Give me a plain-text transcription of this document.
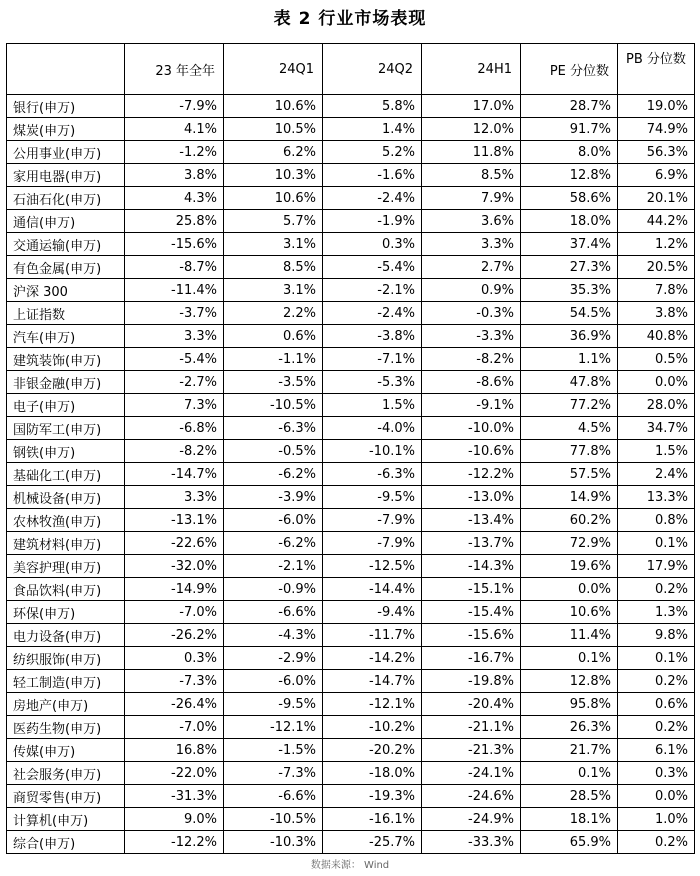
表 2 行业市场表现
	23 年全年	24Q1	24Q2	24H1	PE 分位数	PB 分位数
银行(申万)	-7.9%	10.6%	5.8%	17.0%	28.7%	19.0%
煤炭(申万)	4.1%	10.5%	1.4%	12.0%	91.7%	74.9%
公用事业(申万)	-1.2%	6.2%	5.2%	11.8%	8.0%	56.3%
家用电器(申万)	3.8%	10.3%	-1.6%	8.5%	12.8%	6.9%
石油石化(申万)	4.3%	10.6%	-2.4%	7.9%	58.6%	20.1%
通信(申万)	25.8%	5.7%	-1.9%	3.6%	18.0%	44.2%
交通运输(申万)	-15.6%	3.1%	0.3%	3.3%	37.4%	1.2%
有色金属(申万)	-8.7%	8.5%	-5.4%	2.7%	27.3%	20.5%
沪深 300	-11.4%	3.1%	-2.1%	0.9%	35.3%	7.8%
上证指数	-3.7%	2.2%	-2.4%	-0.3%	54.5%	3.8%
汽车(申万)	3.3%	0.6%	-3.8%	-3.3%	36.9%	40.8%
建筑装饰(申万)	-5.4%	-1.1%	-7.1%	-8.2%	1.1%	0.5%
非银金融(申万)	-2.7%	-3.5%	-5.3%	-8.6%	47.8%	0.0%
电子(申万)	7.3%	-10.5%	1.5%	-9.1%	77.2%	28.0%
国防军工(申万)	-6.8%	-6.3%	-4.0%	-10.0%	4.5%	34.7%
钢铁(申万)	-8.2%	-0.5%	-10.1%	-10.6%	77.8%	1.5%
基础化工(申万)	-14.7%	-6.2%	-6.3%	-12.2%	57.5%	2.4%
机械设备(申万)	3.3%	-3.9%	-9.5%	-13.0%	14.9%	13.3%
农林牧渔(申万)	-13.1%	-6.0%	-7.9%	-13.4%	60.2%	0.8%
建筑材料(申万)	-22.6%	-6.2%	-7.9%	-13.7%	72.9%	0.1%
美容护理(申万)	-32.0%	-2.1%	-12.5%	-14.3%	19.6%	17.9%
食品饮料(申万)	-14.9%	-0.9%	-14.4%	-15.1%	0.0%	0.2%
环保(申万)	-7.0%	-6.6%	-9.4%	-15.4%	10.6%	1.3%
电力设备(申万)	-26.2%	-4.3%	-11.7%	-15.6%	11.4%	9.8%
纺织服饰(申万)	0.3%	-2.9%	-14.2%	-16.7%	0.1%	0.1%
轻工制造(申万)	-7.3%	-6.0%	-14.7%	-19.8%	12.8%	0.2%
房地产(申万)	-26.4%	-9.5%	-12.1%	-20.4%	95.8%	0.6%
医药生物(申万)	-7.0%	-12.1%	-10.2%	-21.1%	26.3%	0.2%
传媒(申万)	16.8%	-1.5%	-20.2%	-21.3%	21.7%	6.1%
社会服务(申万)	-22.0%	-7.3%	-18.0%	-24.1%	0.1%	0.3%
商贸零售(申万)	-31.3%	-6.6%	-19.3%	-24.6%	28.5%	0.0%
计算机(申万)	9.0%	-10.5%	-16.1%	-24.9%	18.1%	1.0%
综合(申万)	-12.2%	-10.3%	-25.7%	-33.3%	65.9%	0.2%
数据来源： Wind
